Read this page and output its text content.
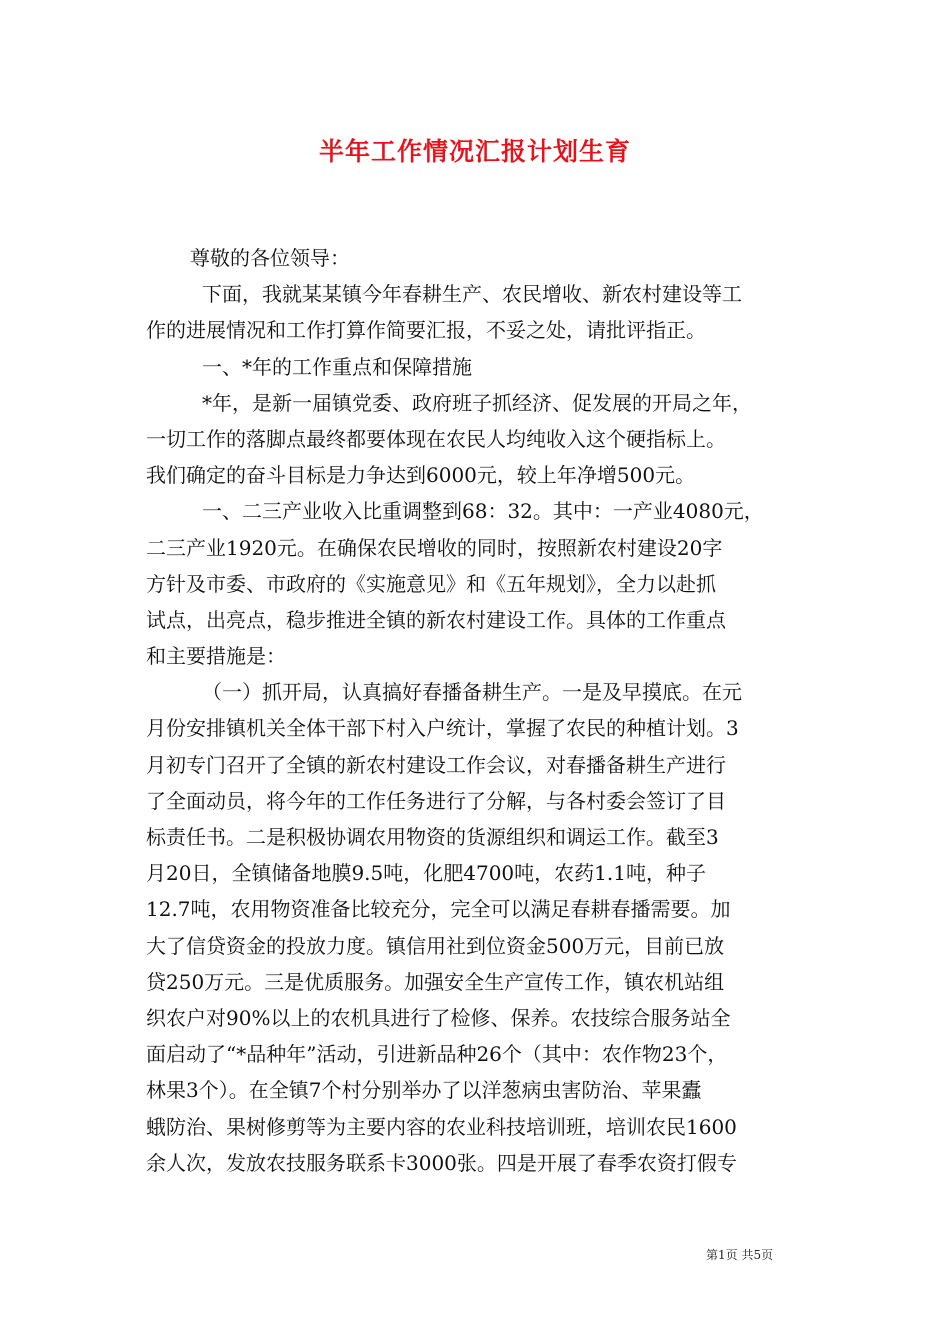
半年工作情况汇报计划生育
尊敬的各位领导：
下面，我就某某镇今年春耕生产、农民增收、新农村建设等工
作的进展情况和工作打算作简要汇报，不妥之处，请批评指正。
一、*年的工作重点和保障措施
*年，是新一届镇党委、政府班子抓经济、促发展的开局之年，
一切工作的落脚点最终都要体现在农民人均纯收入这个硬指标上。
我们确定的奋斗目标是力争达到6000元，较上年净增500元。
一、二三产业收入比重调整到68：32。其中：一产业4080元，
二三产业1920元。在确保农民增收的同时，按照新农村建设20字
方针及市委、市政府的《实施意见》和《五年规划》，全力以赴抓
试点，出亮点，稳步推进全镇的新农村建设工作。具体的工作重点
和主要措施是：
（一）抓开局，认真搞好春播备耕生产。一是及早摸底。在元
月份安排镇机关全体干部下村入户统计，掌握了农民的种植计划。3
月初专门召开了全镇的新农村建设工作会议，对春播备耕生产进行
了全面动员，将今年的工作任务进行了分解，与各村委会签订了目
标责任书。二是积极协调农用物资的货源组织和调运工作。截至3
月20日，全镇储备地膜9.5吨，化肥4700吨，农药1.1吨，种子
12.7吨，农用物资准备比较充分，完全可以满足春耕春播需要。加
大了信贷资金的投放力度。镇信用社到位资金500万元，目前已放
贷250万元。三是优质服务。加强安全生产宣传工作，镇农机站组
织农户对90%以上的农机具进行了检修、保养。农技综合服务站全
面启动了“*品种年”活动，引进新品种26个（其中：农作物23个，
林果3个）。在全镇7个村分别举办了以洋葱病虫害防治、苹果蠹
蛾防治、果树修剪等为主要内容的农业科技培训班，培训农民1600
余人次，发放农技服务联系卡3000张。四是开展了春季农资打假专
第1页 共5页
